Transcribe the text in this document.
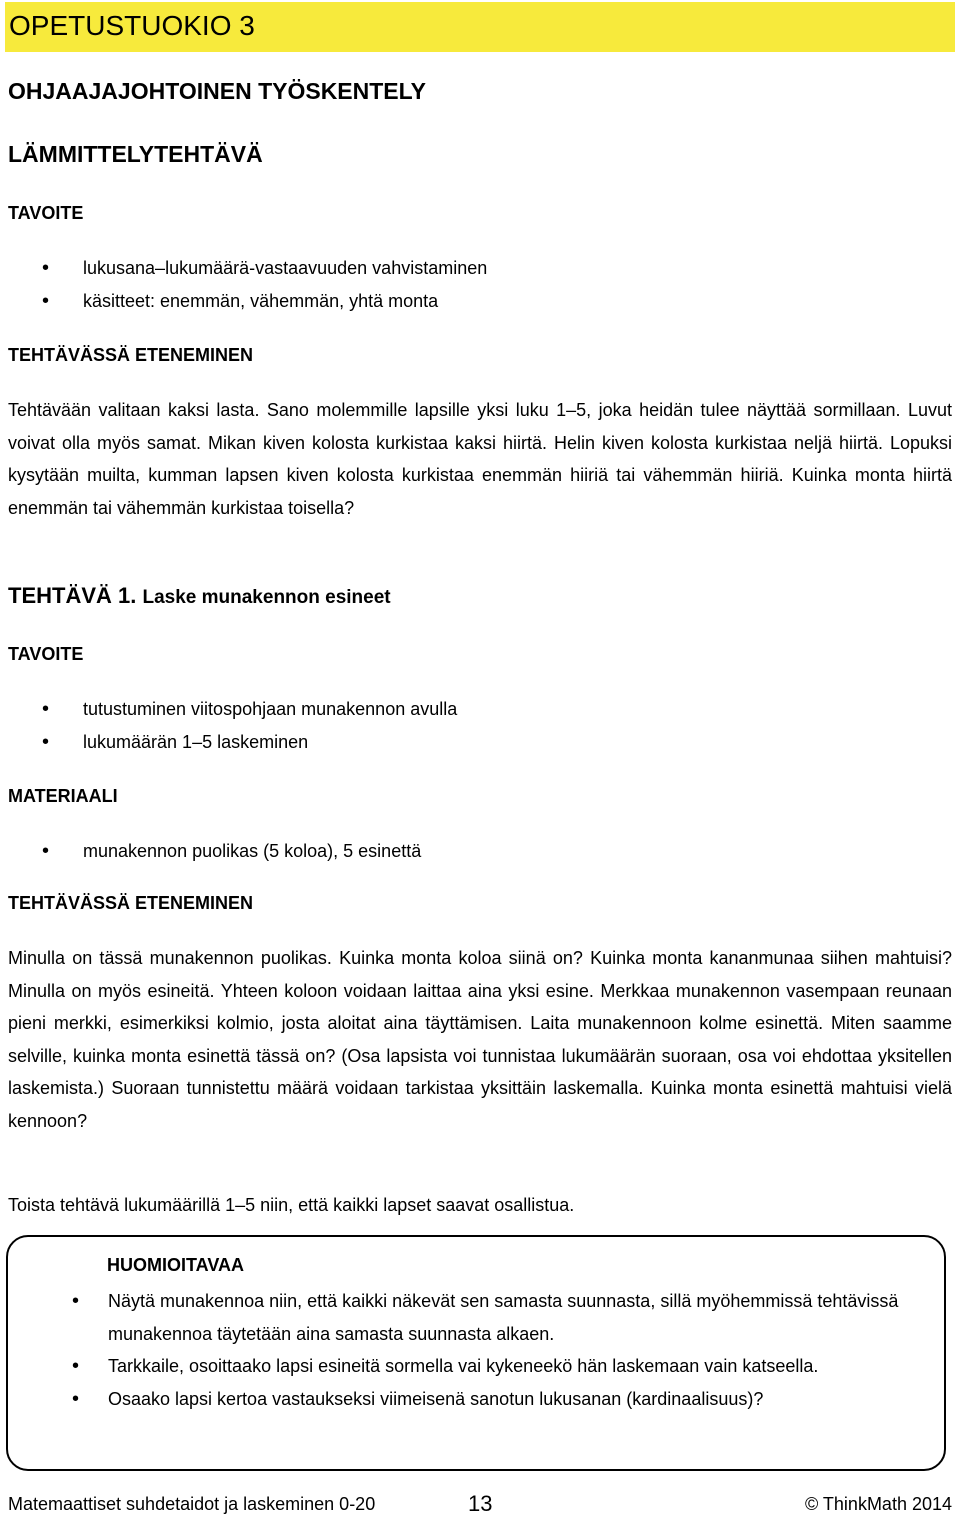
OPETUSTUOKIO 3
OHJAAJAJOHTOINEN TYÖSKENTELY
LÄMMITTELYTEHTÄVÄ
TAVOITE
• lukusana–lukumäärä-vastaavuuden vahvistaminen
• käsitteet: enemmän, vähemmän, yhtä monta
TEHTÄVÄSSÄ ETENEMINEN

Tehtävään valitaan kaksi lasta. Sano molemmille lapsille yksi luku 1–5, joka heidän tulee näyttää sormillaan. Luvut voivat olla myös samat. Mikan kiven kolosta kurkistaa kaksi hiirtä. Helin kiven kolosta kurkistaa neljä hiirtä. Lopuksi kysytään muilta, kumman lapsen kiven kolosta kurkistaa enemmän hiiriä tai vähemmän hiiriä. Kuinka monta hiirtä enemmän tai vähemmän kurkistaa toisella?

TEHTÄVÄ 1. Laske munakennon esineet
TAVOITE
• tutustuminen viitospohjaan munakennon avulla
• lukumäärän 1–5 laskeminen
MATERIAALI
• munakennon puolikas (5 koloa), 5 esinettä
TEHTÄVÄSSÄ ETENEMINEN

Minulla on tässä munakennon puolikas. Kuinka monta koloa siinä on? Kuinka monta kananmunaa siihen mahtuisi? Minulla on myös esineitä. Yhteen koloon voidaan laittaa aina yksi esine. Merkkaa munakennon vasempaan reunaan pieni merkki, esimerkiksi kolmio, josta aloitat aina täyttämisen. Laita munakennoon kolme esinettä. Miten saamme selville, kuinka monta esinettä tässä on? (Osa lapsista voi tunnistaa lukumäärän suoraan, osa voi ehdottaa yksitellen laskemista.) Suoraan tunnistettu määrä voidaan tarkistaa yksittäin laskemalla. Kuinka monta esinettä mahtuisi vielä kennoon?

Toista tehtävä lukumäärillä 1–5 niin, että kaikki lapset saavat osallistua.

HUOMIOITAVAA
• Näytä munakennoa niin, että kaikki näkevät sen samasta suunnasta, sillä myöhemmissä tehtävissä munakennoa täytetään aina samasta suunnasta alkaen.
• Tarkkaile, osoittaako lapsi esineitä sormella vai kykeneekö hän laskemaan vain katseella.
• Osaako lapsi kertoa vastaukseksi viimeisenä sanotun lukusanan (kardinaalisuus)?
Matemaattiset suhdetaidot ja laskeminen 0-20	13	© ThinkMath 2014
